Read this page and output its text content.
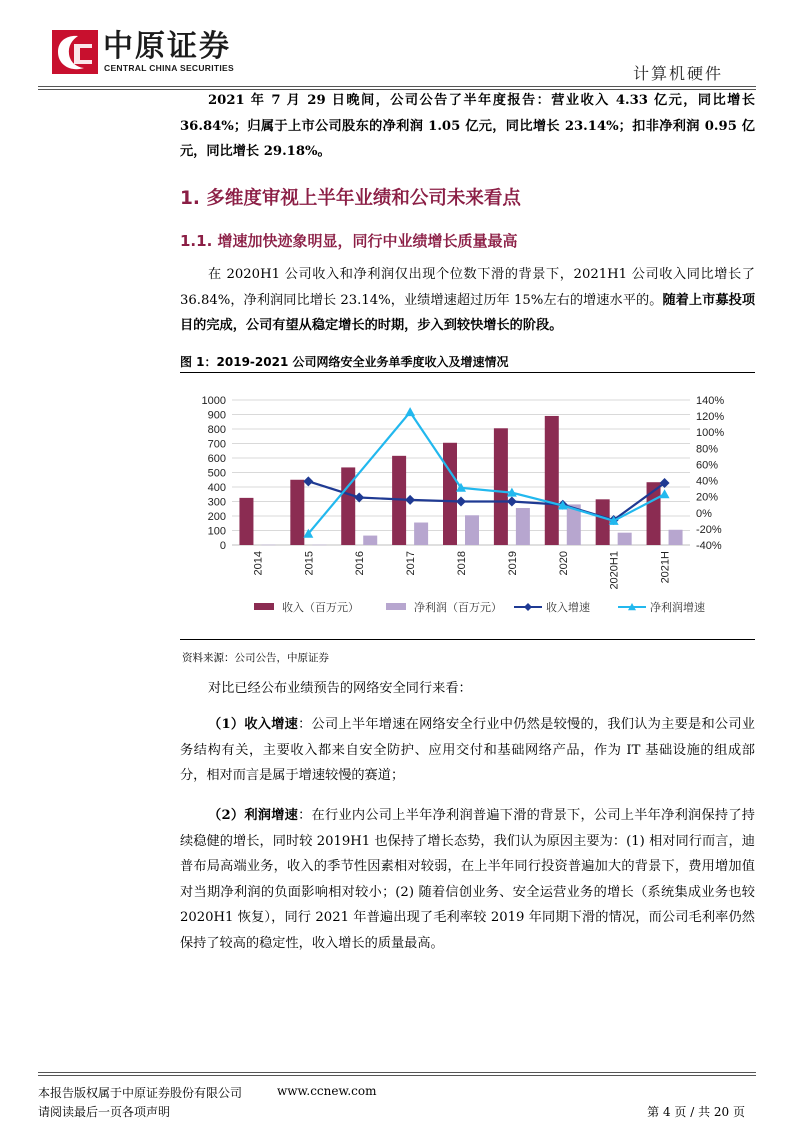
中原证券
CENTRAL CHINA SECURITIES	计算机硬件
2021 年 7 月 29 日晚间，公司公告了半年度报告：营业收入 4.33 亿元，同比增长 36.84%；归属于上市公司股东的净利润 1.05 亿元，同比增长 23.14%；扣非净利润 0.95 亿元，同比增长 29.18%。
1. 多维度审视上半年业绩和公司未来看点
1.1. 增速加快迹象明显，同行中业绩增长质量最高
在 2020H1 公司收入和净利润仅出现个位数下滑的背景下，2021H1 公司收入同比增长了 36.84%，净利润同比增长 23.14%，业绩增速超过历年 15%左右的增速水平的。随着上市募投项目的完成，公司有望从稳定增长的时期，步入到较快增长的阶段。
图 1：2019-2021 公司网络安全业务单季度收入及增速情况
0
100
200
300
400
500
600
700
800
900
1000
-40%
-20%
0%
20%
40%
60%
80%
100%
120%
140%
2014	2015	2016	2017	2018	2019	2020	2020H1	2021H
收入（百万元）	净利润（百万元）	收入增速	净利润增速
资料来源：公司公告，中原证券
对比已经公布业绩预告的网络安全同行来看：
（1）收入增速：公司上半年增速在网络安全行业中仍然是较慢的，我们认为主要是和公司业务结构有关，主要收入都来自安全防护、应用交付和基础网络产品，作为 IT 基础设施的组成部分，相对而言是属于增速较慢的赛道；
（2）利润增速：在行业内公司上半年净利润普遍下滑的背景下，公司上半年净利润保持了持续稳健的增长，同时较 2019H1 也保持了增长态势，我们认为原因主要为：(1) 相对同行而言，迪普布局高端业务，收入的季节性因素相对较弱，在上半年同行投资普遍加大的背景下，费用增加值对当期净利润的负面影响相对较小；(2) 随着信创业务、安全运营业务的增长（系统集成业务也较 2020H1 恢复），同行 2021 年普遍出现了毛利率较 2019 年同期下滑的情况，而公司毛利率仍然保持了较高的稳定性，收入增长的质量最高。
本报告版权属于中原证券股份有限公司	www.ccnew.com
请阅读最后一页各项声明	第 4 页 / 共 20 页
